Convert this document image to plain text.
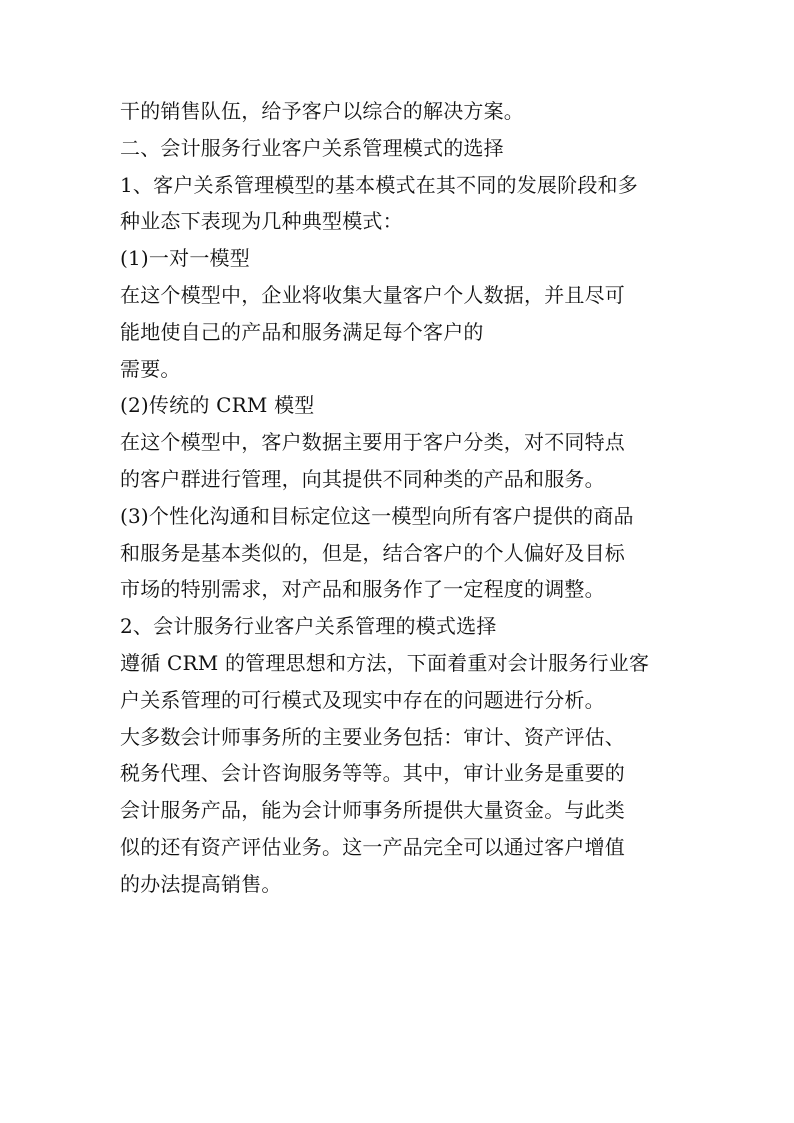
干的销售队伍，给予客户以综合的解决方案。
二、会计服务行业客户关系管理模式的选择
1、客户关系管理模型的基本模式在其不同的发展阶段和多
种业态下表现为几种典型模式：
(1)一对一模型
在这个模型中，企业将收集大量客户个人数据，并且尽可
能地使自己的产品和服务满足每个客户的
需要。
(2)传统的 CRM 模型
在这个模型中，客户数据主要用于客户分类，对不同特点
的客户群进行管理，向其提供不同种类的产品和服务。
(3)个性化沟通和目标定位这一模型向所有客户提供的商品
和服务是基本类似的，但是，结合客户的个人偏好及目标
市场的特别需求，对产品和服务作了一定程度的调整。
2、会计服务行业客户关系管理的模式选择
遵循 CRM 的管理思想和方法，下面着重对会计服务行业客
户关系管理的可行模式及现实中存在的问题进行分析。
大多数会计师事务所的主要业务包括：审计、资产评估、
税务代理、会计咨询服务等等。其中，审计业务是重要的
会计服务产品，能为会计师事务所提供大量资金。与此类
似的还有资产评估业务。这一产品完全可以通过客户增值
的办法提高销售。
